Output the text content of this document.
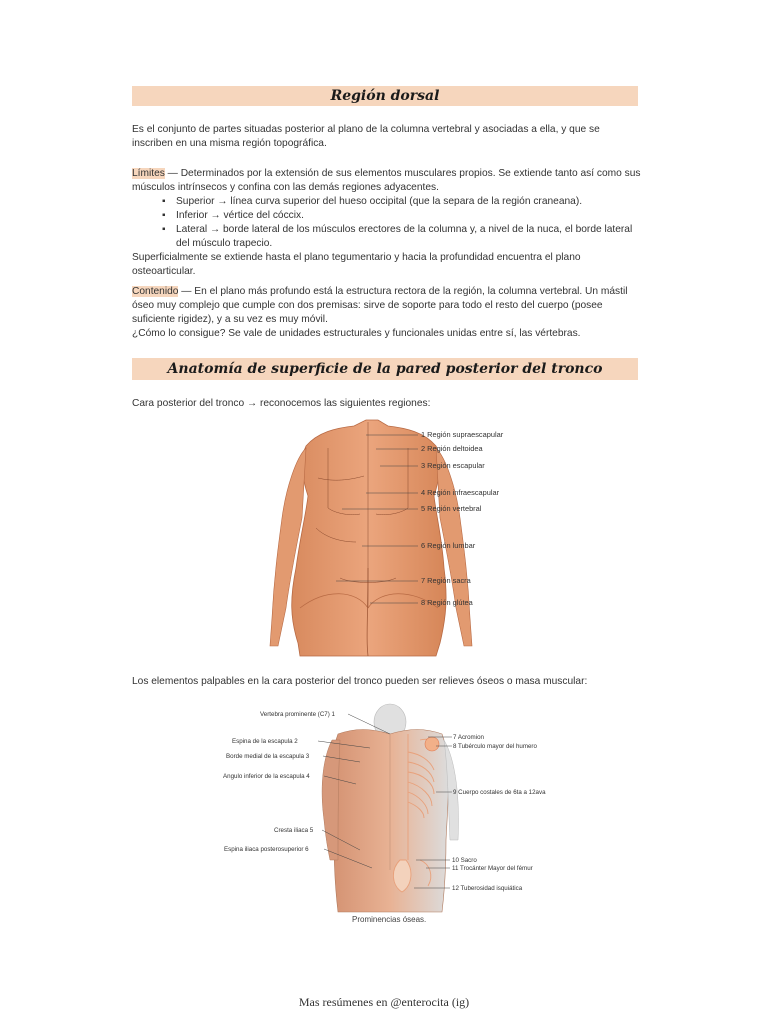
Región dorsal
Es el conjunto de partes situadas posterior al plano de la columna vertebral y asociadas a ella, y que se inscriben en una misma región topográfica.
Límites — Determinados por la extensión de sus elementos musculares propios. Se extiende tanto así como sus músculos intrínsecos y confina con las demás regiones adyacentes.
▪ Superior → línea curva superior del hueso occipital (que la separa de la región craneana).
▪ Inferior → vértice del cóccix.
▪ Lateral → borde lateral de los músculos erectores de la columna y, a nivel de la nuca, el borde lateral del músculo trapecio.
Superficialmente se extiende hasta el plano tegumentario y hacia la profundidad encuentra el plano osteoarticular.
Contenido — En el plano más profundo está la estructura rectora de la región, la columna vertebral. Un mástil óseo muy complejo que cumple con dos premisas: sirve de soporte para todo el resto del cuerpo (posee suficiente rigidez), y a su vez es muy móvil.
¿Cómo lo consigue? Se vale de unidades estructurales y funcionales unidas entre sí, las vértebras.
Anatomía de superficie de la pared posterior del tronco
Cara posterior del tronco → reconocemos las siguientes regiones:
1 Región supraescapular
2 Región deltoidea
3 Región escapular
4 Región infraescapular
5 Región vertebral
6 Región lumbar
7 Región sacra
8 Región glútea
Los elementos palpables en la cara posterior del tronco pueden ser relieves óseos o masa muscular:
Vertebra prominente (C7) 1
Espina de la escapula 2
Borde medial de la escapula 3
Angulo inferior de la escapula 4
Cresta iliaca 5
Espina iliaca posterosuperior 6
7 Acromion
8 Tubérculo mayor del humero
9 Cuerpo costales de 6ta a 12ava
10 Sacro
11 Trocánter Mayor del fémur
12 Tuberosidad isquiática
Prominencias óseas.
Mas resúmenes en @enterocita (ig)
